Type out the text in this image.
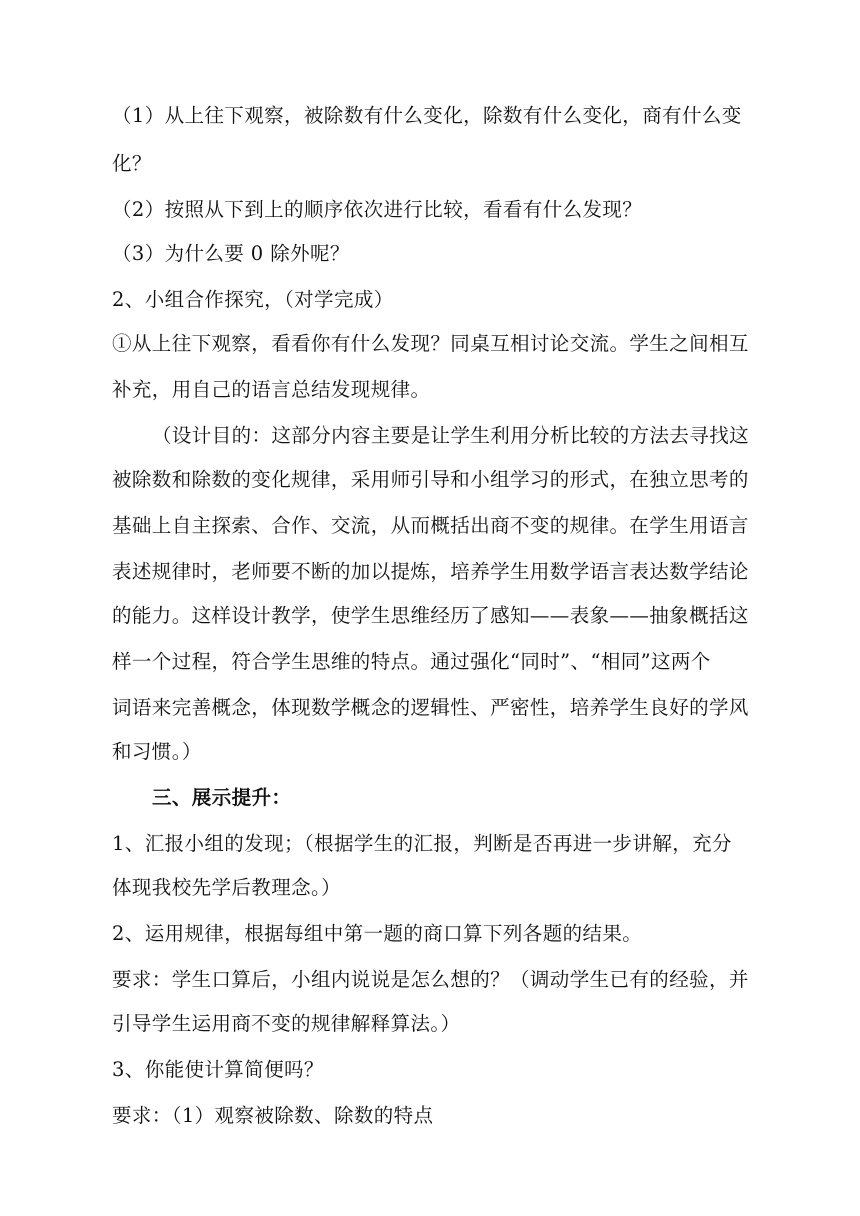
（1）从上往下观察，被除数有什么变化，除数有什么变化，商有什么变
化？
（2）按照从下到上的顺序依次进行比较，看看有什么发现？
（3）为什么要 0 除外呢？
2、小组合作探究，（对学完成）
①从上往下观察，看看你有什么发现？同桌互相讨论交流。学生之间相互
补充，用自己的语言总结发现规律。
（设计目的：这部分内容主要是让学生利用分析比较的方法去寻找这
被除数和除数的变化规律，采用师引导和小组学习的形式，在独立思考的
基础上自主探索、合作、交流，从而概括出商不变的规律。在学生用语言
表述规律时，老师要不断的加以提炼，培养学生用数学语言表达数学结论
的能力。这样设计教学，使学生思维经历了感知——表象——抽象概括这
样一个过程，符合学生思维的特点。通过强化“同时”、“相同”这两个
词语来完善概念，体现数学概念的逻辑性、严密性，培养学生良好的学风
和习惯。）
三、展示提升：
1、汇报小组的发现；（根据学生的汇报，判断是否再进一步讲解，充分
体现我校先学后教理念。）
2、运用规律，根据每组中第一题的商口算下列各题的结果。
要求：学生口算后，小组内说说是怎么想的？（调动学生已有的经验，并
引导学生运用商不变的规律解释算法。）
3、你能使计算简便吗？
要求：（1）观察被除数、除数的特点
